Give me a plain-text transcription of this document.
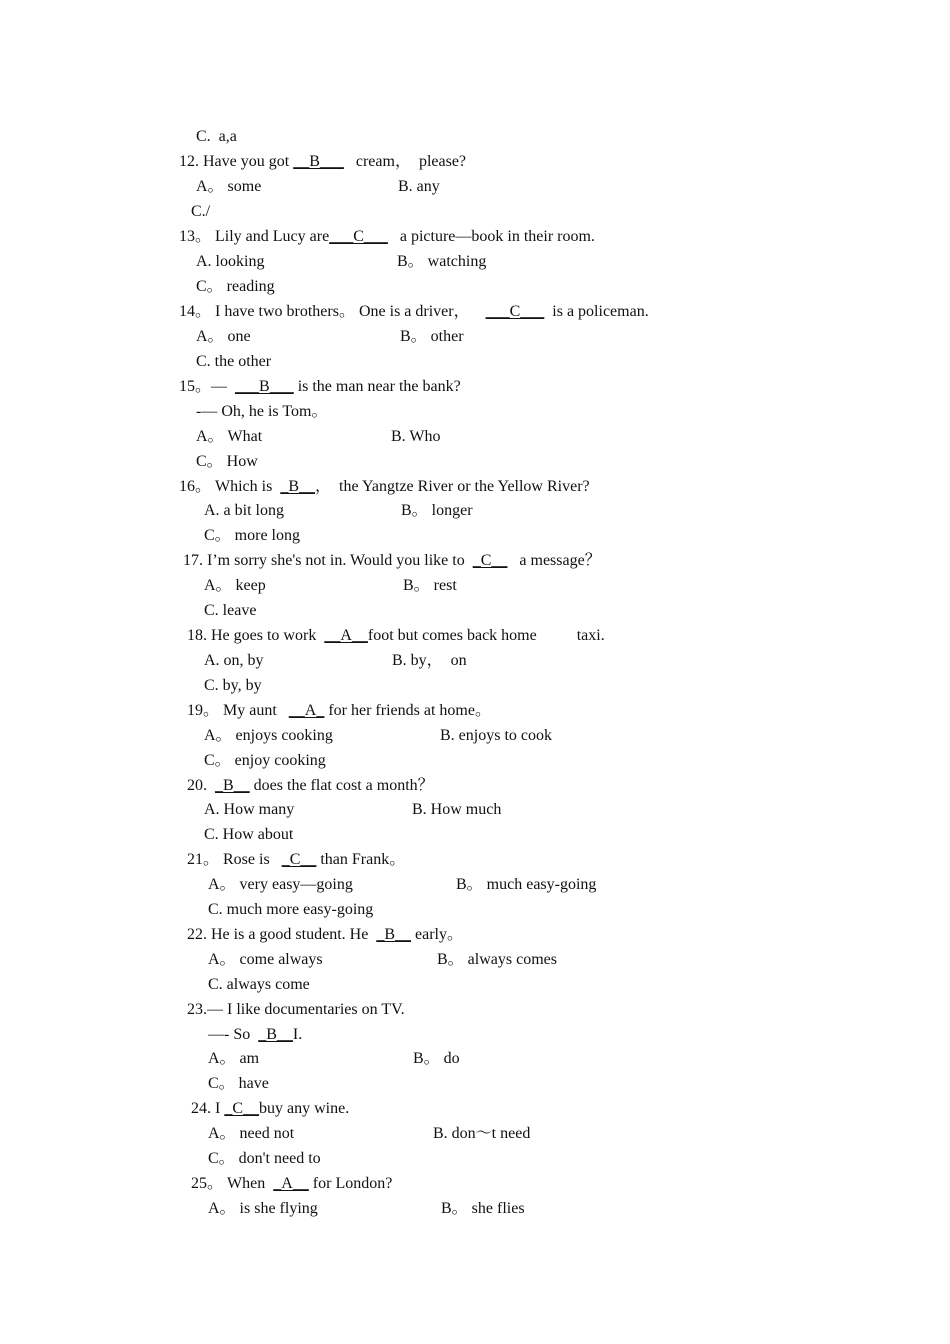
C.  a,a
12. Have you got __B___   cream，  please?
A。 some	B. any
C./
13。 Lily and Lucy are___C___   a picture—book in their room.
A. looking	B。 watching
C。 reading
14。 I have two brothers。 One is a driver，    ___C___  is a policeman.
A。 one	B。 other
C. the other
15。—  ___B___ is the man near the bank?
-— Oh, he is Tom。
A。 What	B. Who
C。 How
16。 Which is  _B__，  the Yangtze River or the Yellow River?
A. a bit long	B。 longer
C。 more long
17. I’m sorry she's not in. Would you like to  _C__   a message？
A。 keep	B。 rest
C. leave
18. He goes to work  __A__foot but comes back home          taxi.
A. on, by	B. by，  on
C. by, by
19。 My aunt   __A_ for her friends at home。
A。 enjoys cooking	B. enjoys to cook
C。 enjoy cooking
20.  _B__ does the flat cost a month？
A. How many	B. How much
C. How about
21。 Rose is   _C__ than Frank。
A。 very easy—going	B。 much easy-going
C. much more easy-going
22. He is a good student. He  _B__ early。
A。 come always	B。 always comes
C. always come
23.— I like documentaries on TV.
—- So  _B__I.
A。 am	B。 do
C。 have
24. I _C__buy any wine.
A。 need not	B. don～t need
C。 don't need to
25。 When  _A__ for London?
A。 is she flying	B。 she flies
